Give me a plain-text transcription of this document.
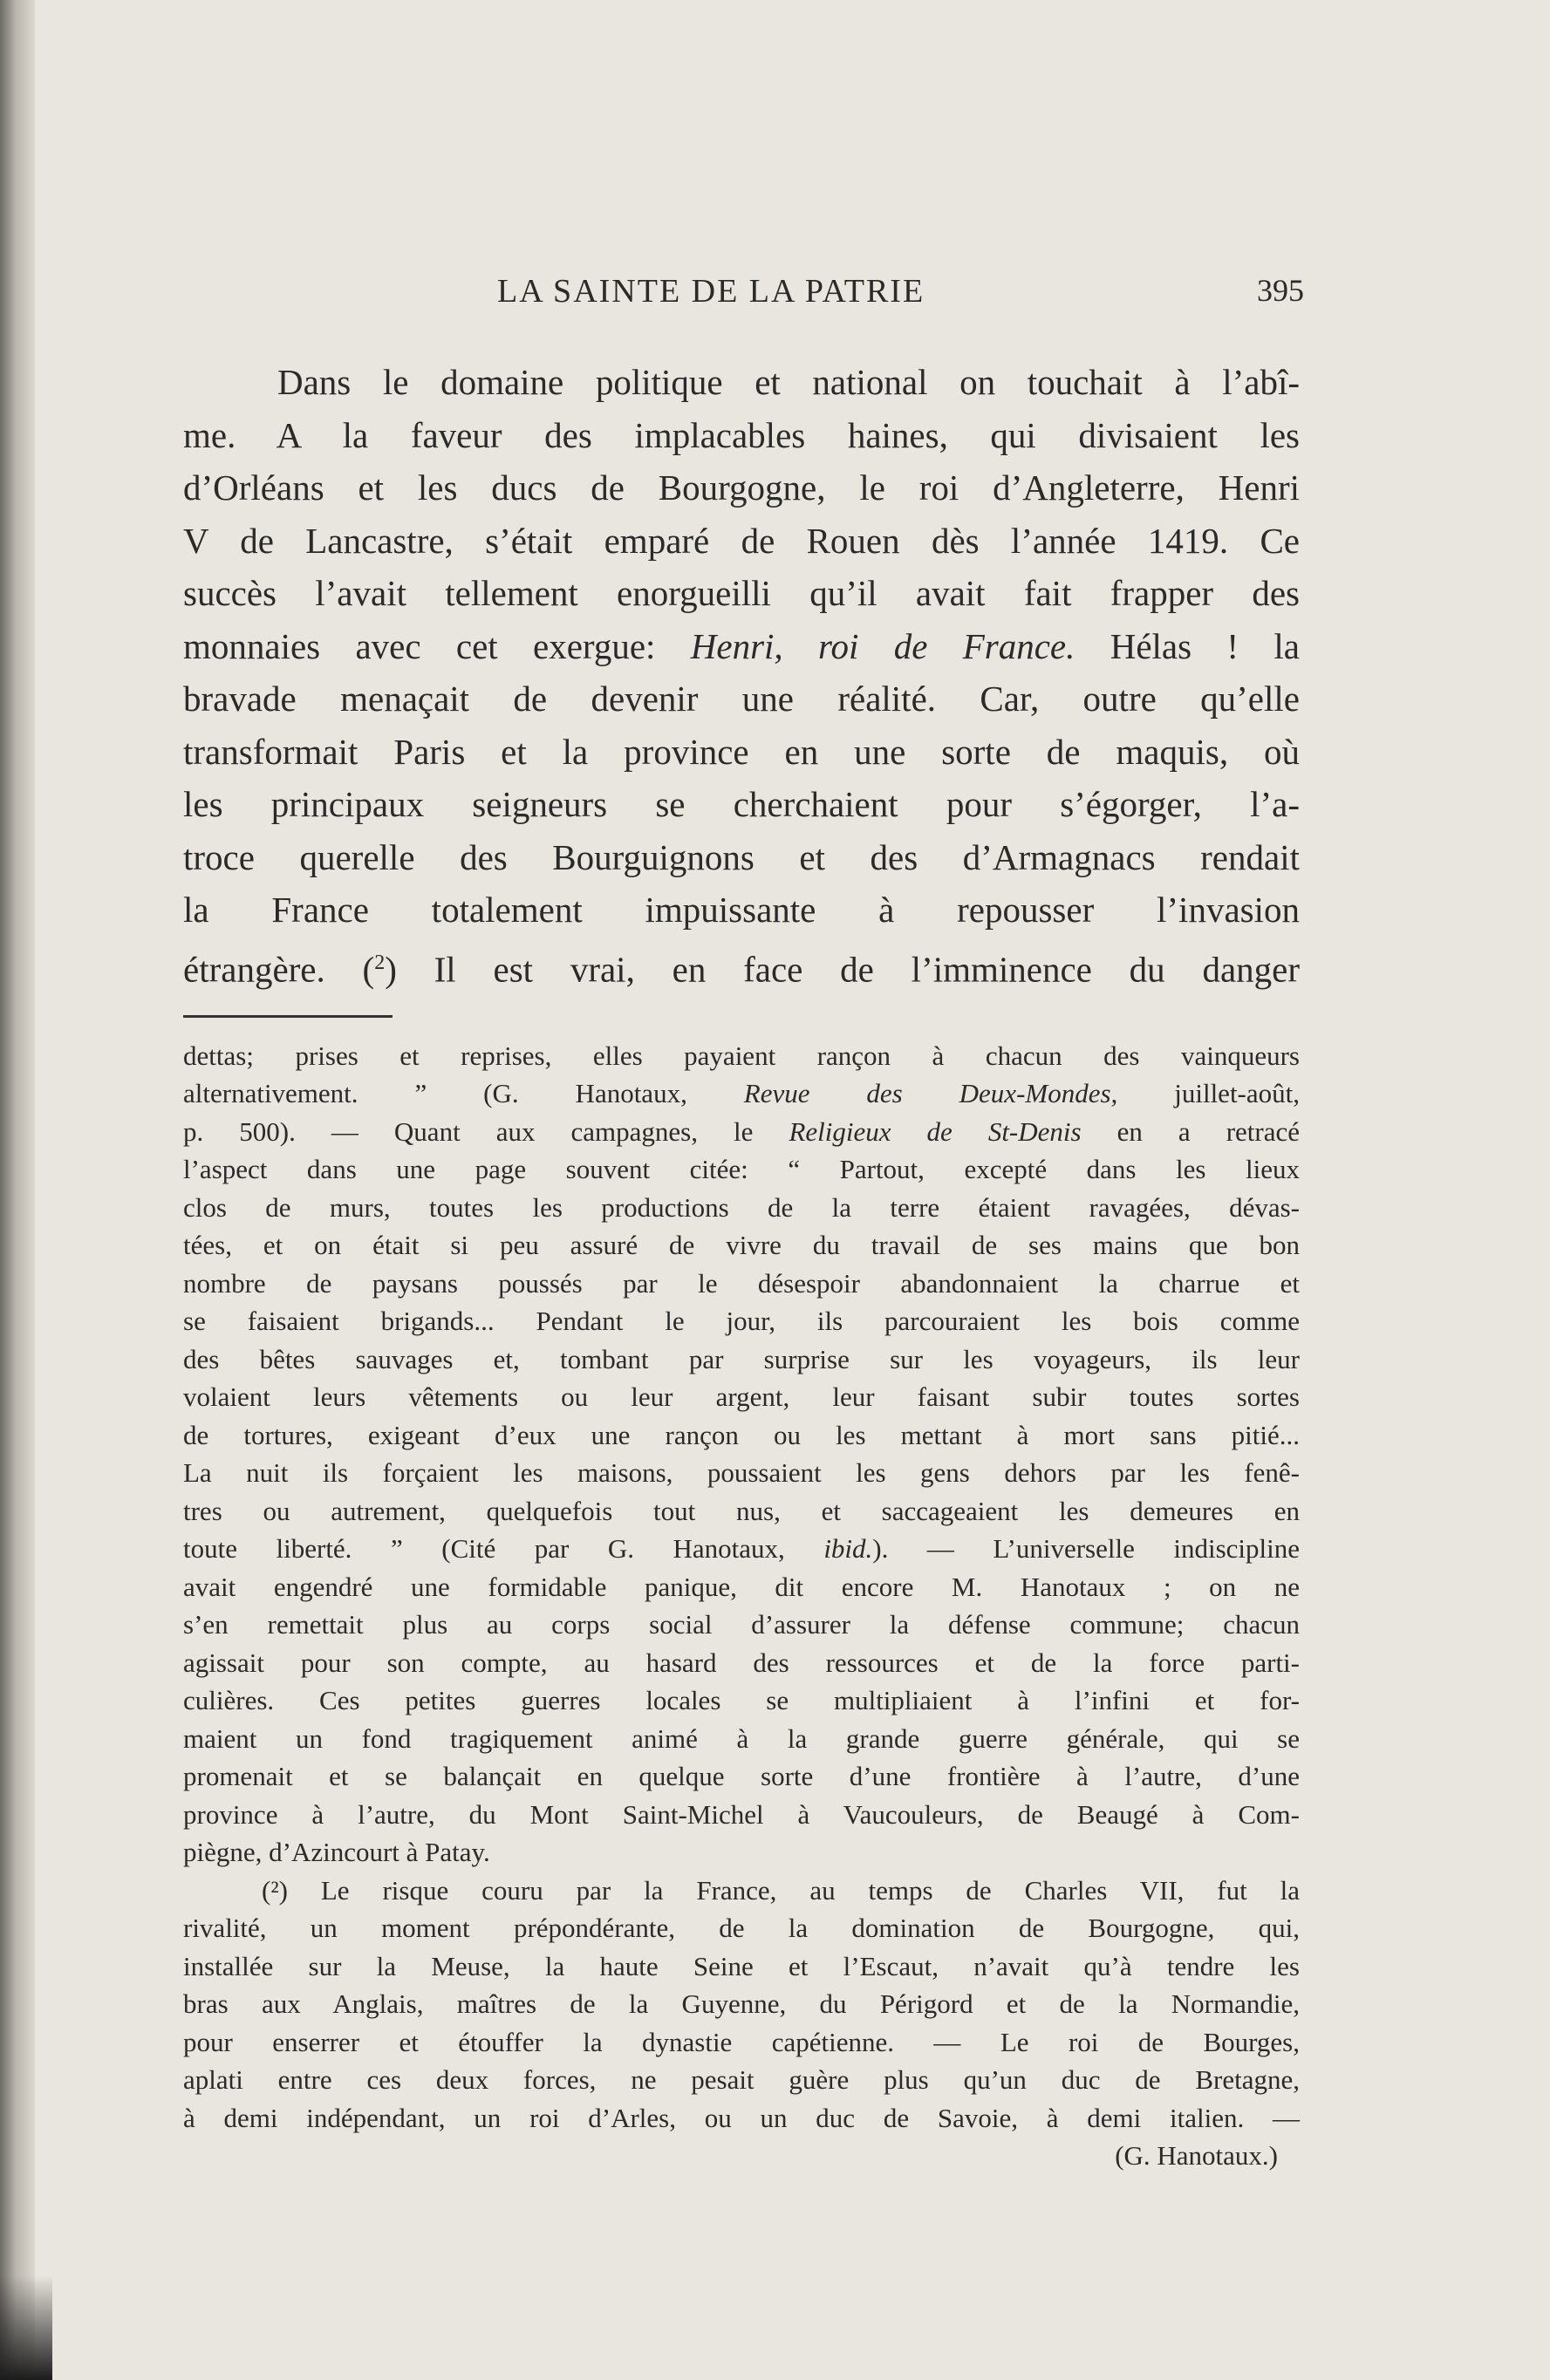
LA SAINTE DE LA PATRIE	395
Dans le domaine politique et national on touchait à l’abî-
me. A la faveur des implacables haines, qui divisaient les
d’Orléans et les ducs de Bourgogne, le roi d’Angleterre, Henri
V de Lancastre, s’était emparé de Rouen dès l’année 1419. Ce
succès l’avait tellement enorgueilli qu’il avait fait frapper des
monnaies avec cet exergue: Henri, roi de France. Hélas ! la
bravade menaçait de devenir une réalité. Car, outre qu’elle
transformait Paris et la province en une sorte de maquis, où
les principaux seigneurs se cherchaient pour s’égorger, l’a-
troce querelle des Bourguignons et des d’Armagnacs rendait
la France totalement impuissante à repousser l’invasion
étrangère. ($^2$) Il est vrai, en face de l’imminence du danger
dettas; prises et reprises, elles payaient rançon à chacun des vainqueurs
alternativement. ” (G. Hanotaux, Revue des Deux-Mondes, juillet-août,
p. 500). — Quant aux campagnes, le Religieux de St-Denis en a retracé
l’aspect dans une page souvent citée: “ Partout, excepté dans les lieux
clos de murs, toutes les productions de la terre étaient ravagées, dévas-
tées, et on était si peu assuré de vivre du travail de ses mains que bon
nombre de paysans poussés par le désespoir abandonnaient la charrue et
se faisaient brigands... Pendant le jour, ils parcouraient les bois comme
des bêtes sauvages et, tombant par surprise sur les voyageurs, ils leur
volaient leurs vêtements ou leur argent, leur faisant subir toutes sortes
de tortures, exigeant d’eux une rançon ou les mettant à mort sans pitié...
La nuit ils forçaient les maisons, poussaient les gens dehors par les fenê-
tres ou autrement, quelquefois tout nus, et saccageaient les demeures en
toute liberté. ” (Cité par G. Hanotaux, ibid.). — L’universelle indiscipline
avait engendré une formidable panique, dit encore M. Hanotaux ; on ne
s’en remettait plus au corps social d’assurer la défense commune; chacun
agissait pour son compte, au hasard des ressources et de la force parti-
culières. Ces petites guerres locales se multipliaient à l’infini et for-
maient un fond tragiquement animé à la grande guerre générale, qui se
promenait et se balançait en quelque sorte d’une frontière à l’autre, d’une
province à l’autre, du Mont Saint-Michel à Vaucouleurs, de Beaugé à Com-
piègne, d’Azincourt à Patay.
(²) Le risque couru par la France, au temps de Charles VII, fut la
rivalité, un moment prépondérante, de la domination de Bourgogne, qui,
installée sur la Meuse, la haute Seine et l’Escaut, n’avait qu’à tendre les
bras aux Anglais, maîtres de la Guyenne, du Périgord et de la Normandie,
pour enserrer et étouffer la dynastie capétienne. — Le roi de Bourges,
aplati entre ces deux forces, ne pesait guère plus qu’un duc de Bretagne,
à demi indépendant, un roi d’Arles, ou un duc de Savoie, à demi italien. —
(G. Hanotaux.)
